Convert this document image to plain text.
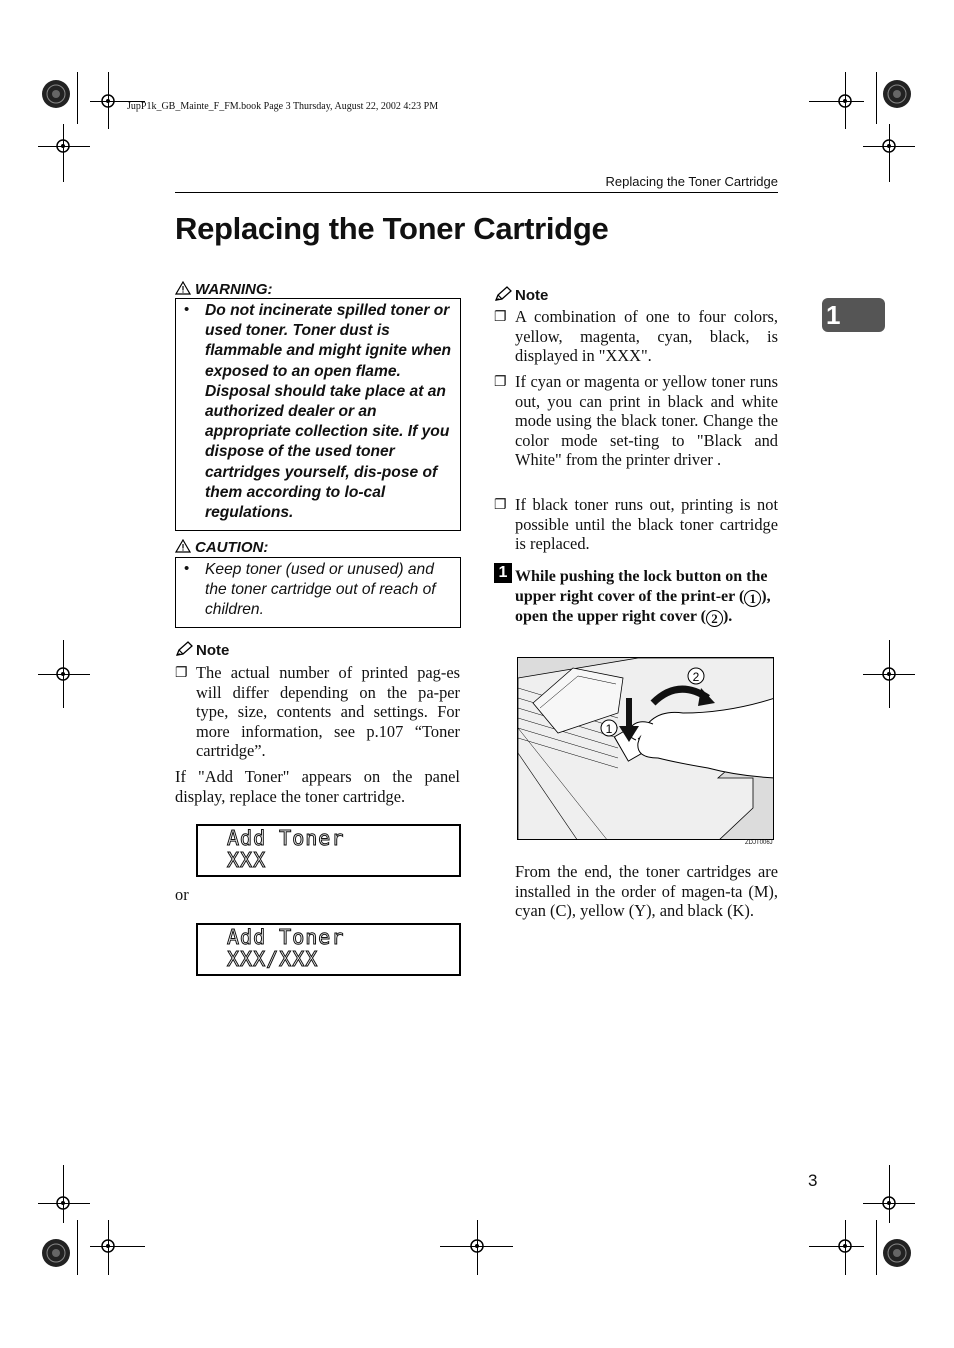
JupP1k_GB_Mainte_F_FM.book Page 3 Thursday, August 22, 2002 4:23 PM
Replacing the Toner Cartridge
Replacing the Toner Cartridge
1
WARNING:
• Do not incinerate spilled toner or used toner. Toner dust is flammable and might ignite when exposed to an open flame. Disposal should take place at an authorized dealer or an appropriate collection site. If you dispose of the used toner cartridges yourself, dis-pose of them according to lo-cal regulations.
CAUTION:
• Keep toner (used or unused) and the toner cartridge out of reach of children.
Note
❐ The actual number of printed pag-es will differ depending on the pa-per type, size, contents and settings. For more information, see p.107 “Toner cartridge”.
If "Add Toner" appears on the panel display, replace the toner cartridge.
Add Toner
XXX
or
Add Toner
XXX/XXX
Note
❐ A combination of one to four colors, yellow, magenta, cyan, black, is displayed in "XXX".
❐ If cyan or magenta or yellow toner runs out, you can print in black and white mode using the black toner. Change the color mode set-ting to "Black and White" from the printer driver .
❐ If black toner runs out, printing is not possible until the black toner cartridge is replaced.
1 While pushing the lock button on the upper right cover of the print-er ( 1 ), open the upper right cover ( 2 ).
2
1
ZDJT006J
From the end, the toner cartridges are installed in the order of magen-ta (M), cyan (C), yellow (Y), and black (K).
3
